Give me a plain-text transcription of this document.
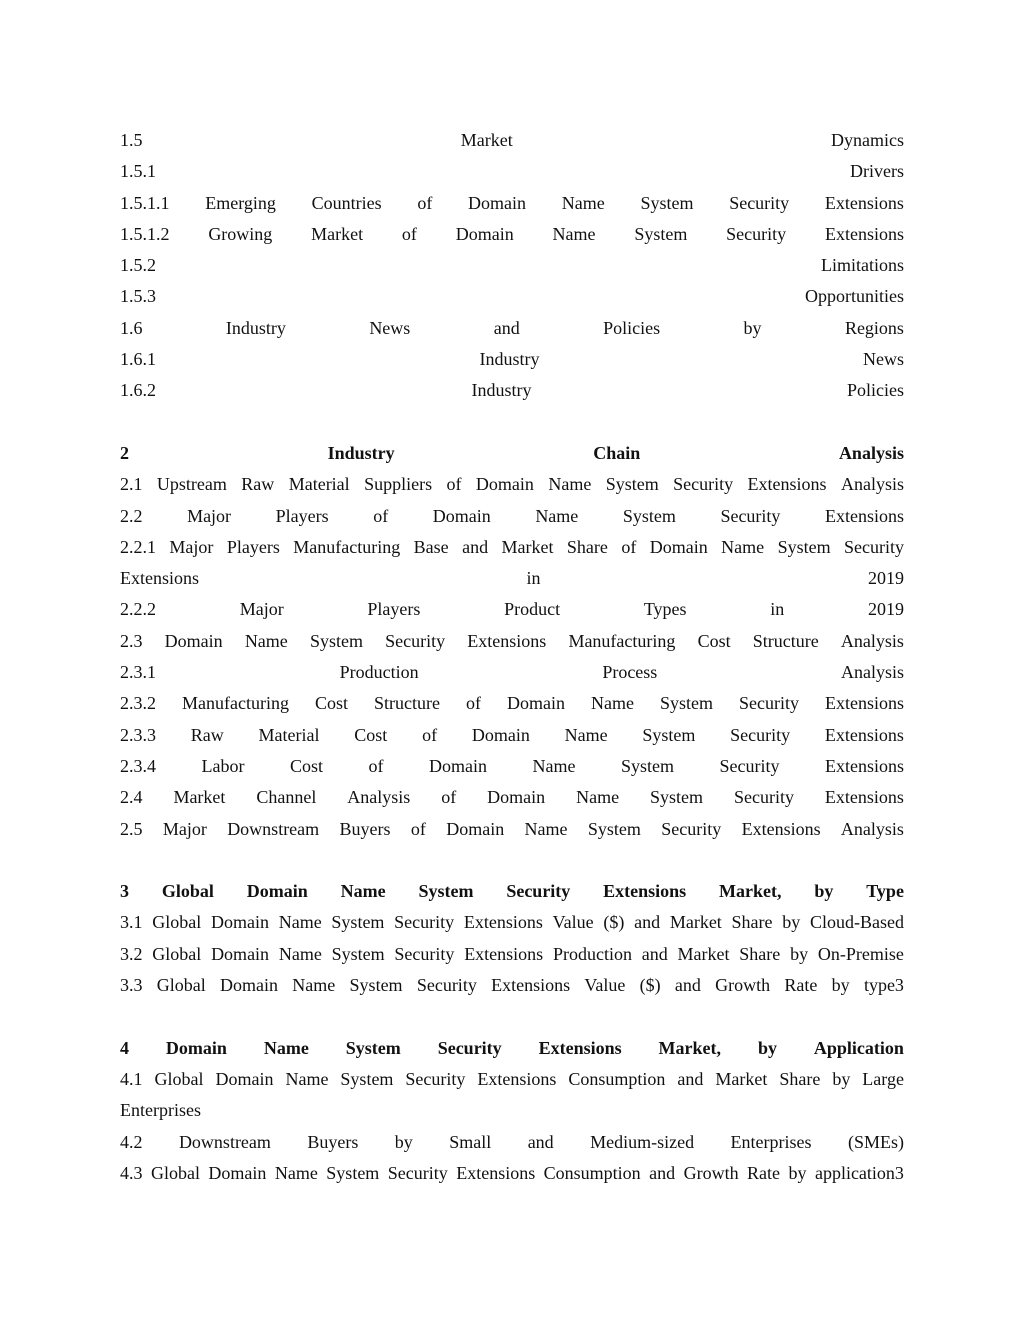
1.5	Market	Dynamics
1.5.1	Drivers
1.5.1.1 Emerging Countries of Domain Name System Security Extensions
1.5.1.2 Growing Market of Domain Name System Security Extensions
1.5.2	Limitations
1.5.3	Opportunities
1.6	Industry	News	and	Policies	by	Regions
1.6.1	Industry	News
1.6.2	Industry	Policies
2	Industry	Chain	Analysis
2.1 Upstream Raw Material Suppliers of Domain Name System Security Extensions Analysis
2.2 Major Players of Domain Name System Security Extensions
2.2.1 Major Players Manufacturing Base and Market Share of Domain Name System Security
Extensions	in	2019
2.2.2	Major	Players	Product	Types	in	2019
2.3 Domain Name System Security Extensions Manufacturing Cost Structure Analysis
2.3.1	Production	Process	Analysis
2.3.2 Manufacturing Cost Structure of Domain Name System Security Extensions
2.3.3 Raw Material Cost of Domain Name System Security Extensions
2.3.4	Labor	Cost	of	Domain	Name	System	Security	Extensions
2.4 Market Channel Analysis of Domain Name System Security Extensions
2.5 Major Downstream Buyers of Domain Name System Security Extensions Analysis
3 Global Domain Name System Security Extensions Market, by Type
3.1 Global Domain Name System Security Extensions Value ($) and Market Share by Cloud-Based
3.2 Global Domain Name System Security Extensions Production and Market Share by On-Premise
3.3 Global Domain Name System Security Extensions Value ($) and Growth Rate by type3
4 Domain Name System Security Extensions Market, by Application
4.1 Global Domain Name System Security Extensions Consumption and Market Share by Large
Enterprises
4.2 Downstream Buyers by Small and Medium-sized Enterprises (SMEs)
4.3 Global Domain Name System Security Extensions Consumption and Growth Rate by application3
